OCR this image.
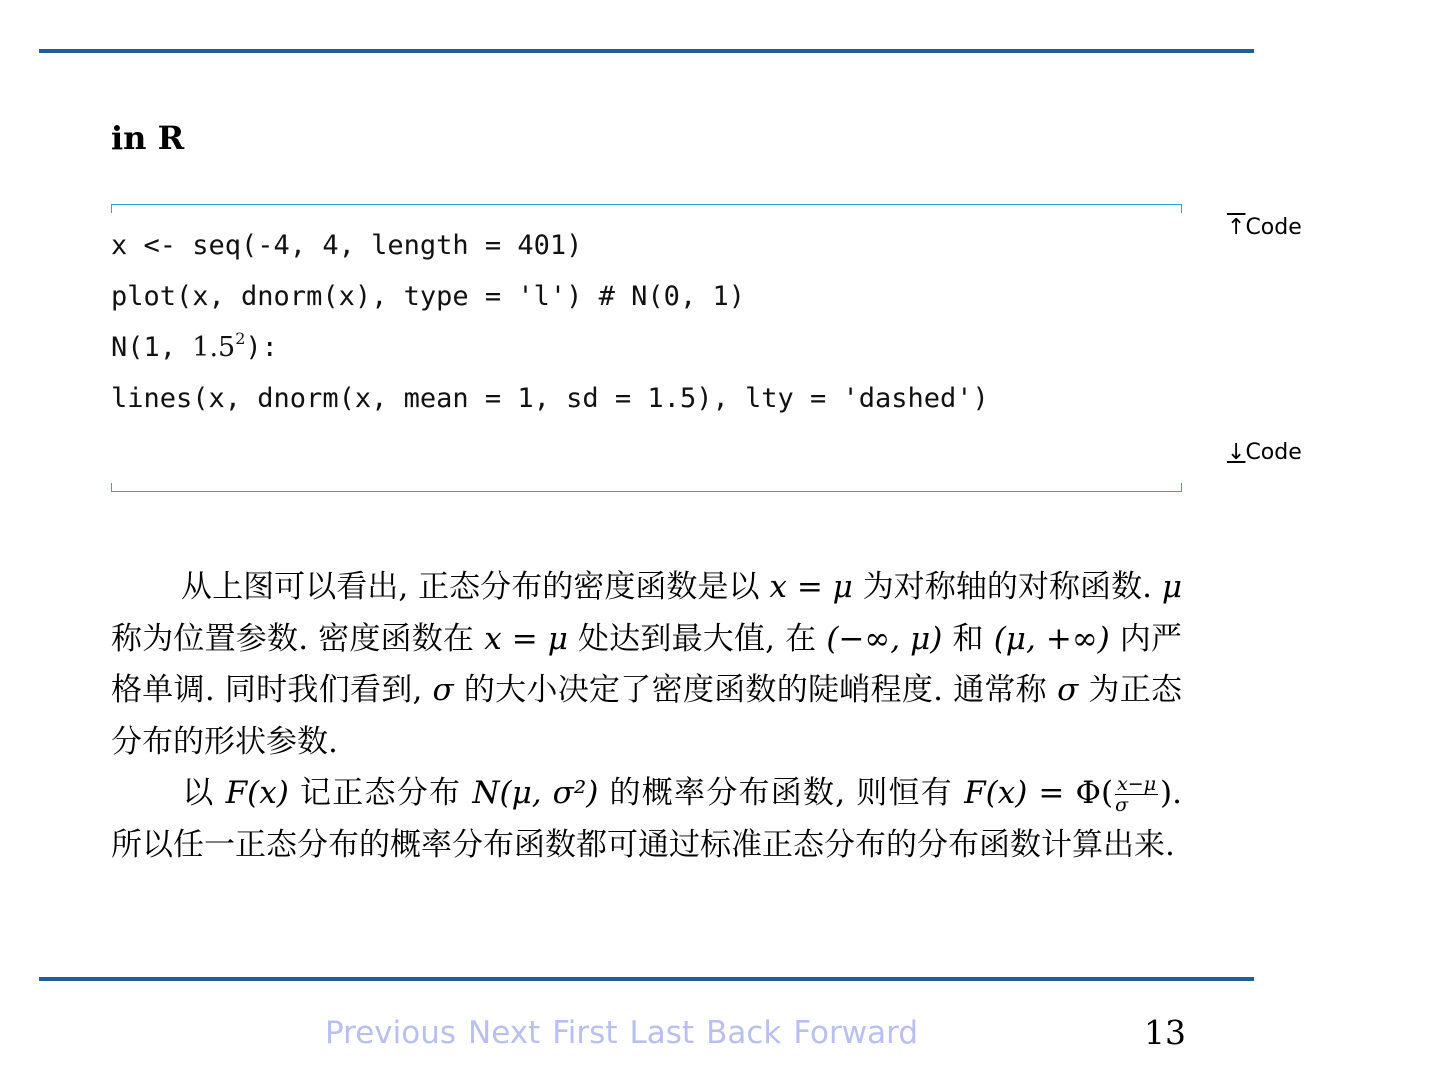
in R
x <- seq(-4, 4, length = 401)
plot(x, dnorm(x), type = 'l') # N(0, 1)
N(1, $1.5^2$):
lines(x, dnorm(x, mean = 1, sd = 1.5), lty = 'dashed')
↑Code
↓Code
从上图可以看出, 正态分布的密度函数是以 x = μ 为对称轴的对称函数. μ 称为位置参数. 密度函数在 x = μ 处达到最大值, 在 (−∞, μ) 和 (μ, +∞) 内严格单调. 同时我们看到, σ 的大小决定了密度函数的陡峭程度. 通常称 σ 为正态分布的形状参数.
以 F(x) 记正态分布 N(μ, σ²) 的概率分布函数, 则恒有 $F(x) = \Phi( \frac{x-\mu}{\sigma}$ ). 所以任一正态分布的概率分布函数都可通过标准正态分布的分布函数计算出来.
Previous Next First Last Back Forward	13
